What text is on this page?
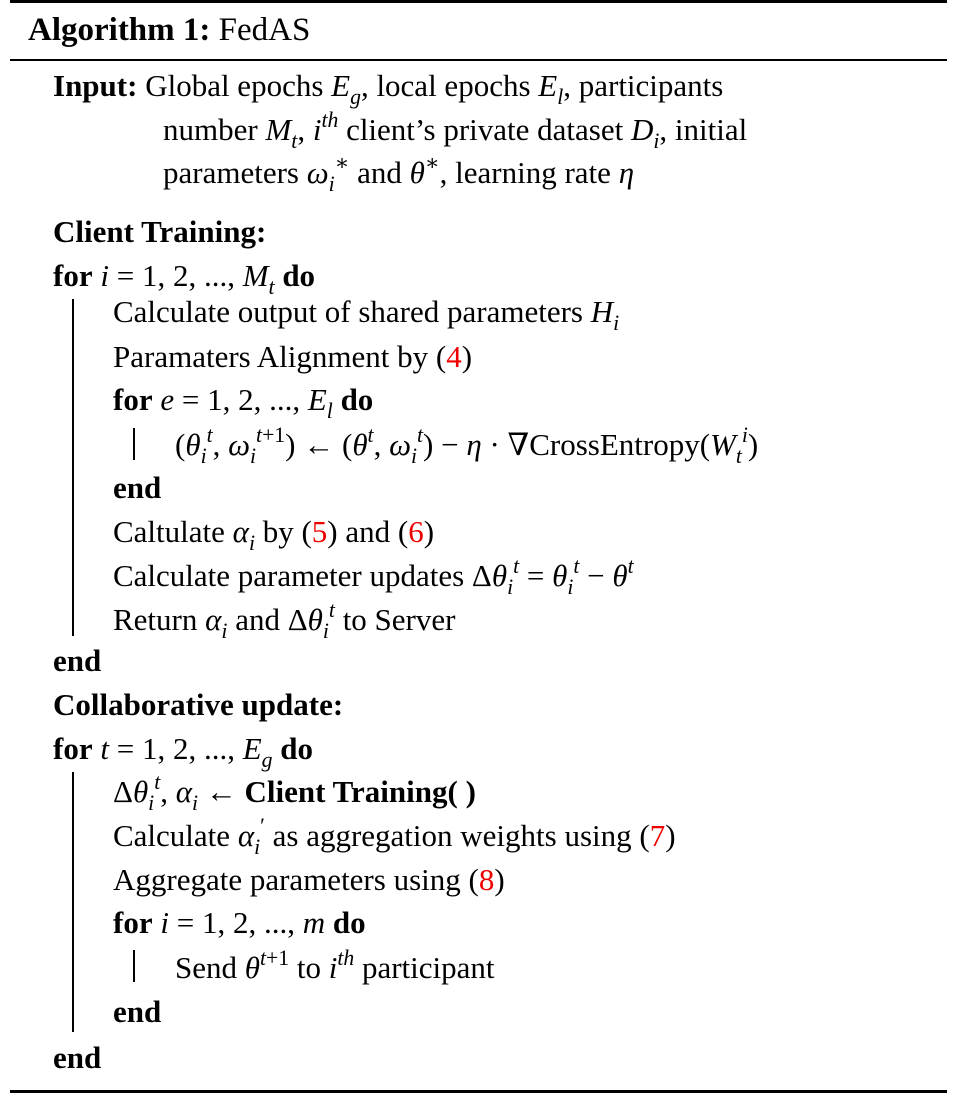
Algorithm 1: FedAS
Input: Global epochs $E_g$, local epochs $E_l$, participants
number $M_t$, $i^{th}$ client’s private dataset $D_i$, initial
parameters $\omega_i^∗$ and θ∗, learning rate η
Client Training:
for i = 1, 2, ..., $M_t$ do
Calculate output of shared parameters $H_i$
Paramaters Alignment by (4)
for e = 1, 2, ..., $E_l$ do
($\theta_i^t$, $\omega_i^{t+1}$) ← ($\theta^t$, $\omega_i^t) - \eta$ · $\nabla CrossEntropy(W_t^i)$
end
Caltulate $\alpha_i$ by (5) and (6)
Calculate parameter updates $\Delta\theta_i^t = \theta_i^t - \theta^t$
Return $\alpha_i$ and $\Delta\theta_i^t$ to Server
end
Collaborative update:
for t = 1, 2, ..., $E_g$ do
$\Delta\theta_i^t$, $\alpha_i$ ← Client Training( )
Calculate $\alpha_i'$ as aggregation weights using (7)
Aggregate parameters using (8)
for i = 1, 2, ..., m do
Send $\theta^{t+1}$ to $i^{th}$ participant
end
end
